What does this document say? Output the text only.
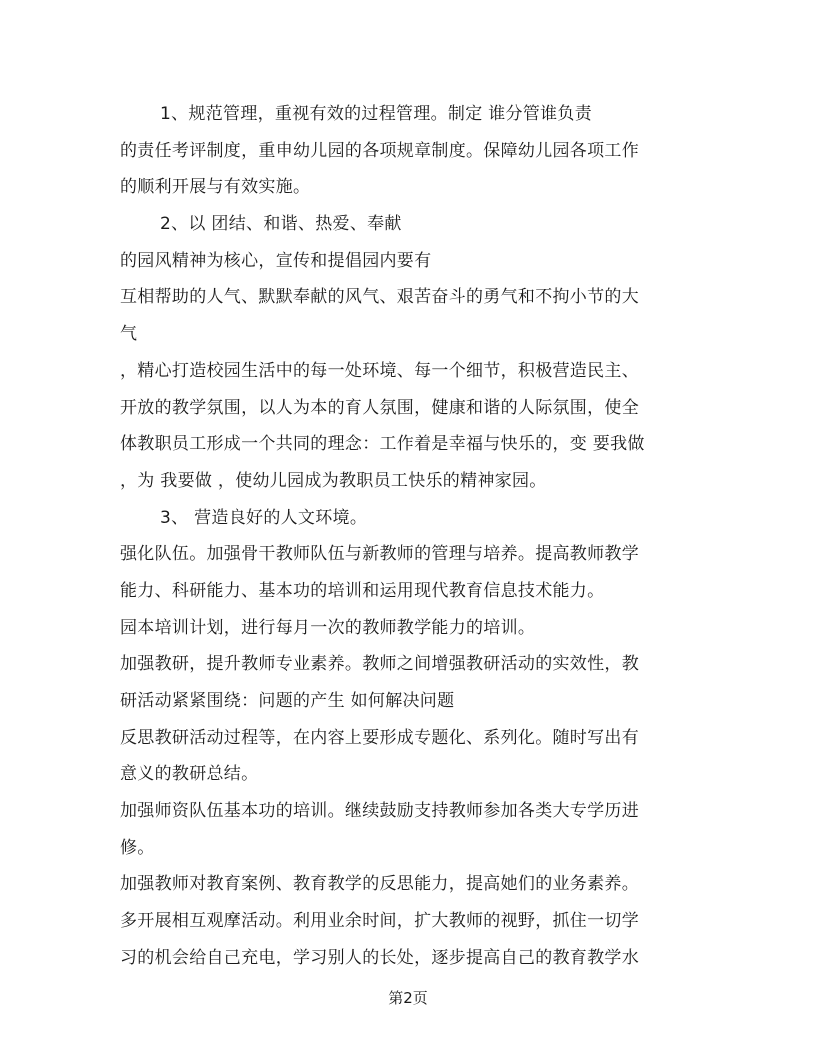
1、规范管理，重视有效的过程管理。制定 谁分管谁负责
的责任考评制度，重申幼儿园的各项规章制度。保障幼儿园各项工作
的顺利开展与有效实施。
2、以 团结、和谐、热爱、奉献
的园风精神为核心，宣传和提倡园内要有
互相帮助的人气、默默奉献的风气、艰苦奋斗的勇气和不拘小节的大
气
，精心打造校园生活中的每一处环境、每一个细节，积极营造民主、
开放的教学氛围，以人为本的育人氛围，健康和谐的人际氛围，使全
体教职员工形成一个共同的理念：工作着是幸福与快乐的，变 要我做
，为 我要做 ，使幼儿园成为教职员工快乐的精神家园。
3、 营造良好的人文环境。
强化队伍。加强骨干教师队伍与新教师的管理与培养。提高教师教学
能力、科研能力、基本功的培训和运用现代教育信息技术能力。
园本培训计划，进行每月一次的教师教学能力的培训。
加强教研，提升教师专业素养。教师之间增强教研活动的实效性，教
研活动紧紧围绕：问题的产生 如何解决问题
反思教研活动过程等，在内容上要形成专题化、系列化。随时写出有
意义的教研总结。
加强师资队伍基本功的培训。继续鼓励支持教师参加各类大专学历进
修。
加强教师对教育案例、教育教学的反思能力，提高她们的业务素养。
多开展相互观摩活动。利用业余时间，扩大教师的视野，抓住一切学
习的机会给自己充电，学习别人的长处，逐步提高自己的教育教学水
第2页
